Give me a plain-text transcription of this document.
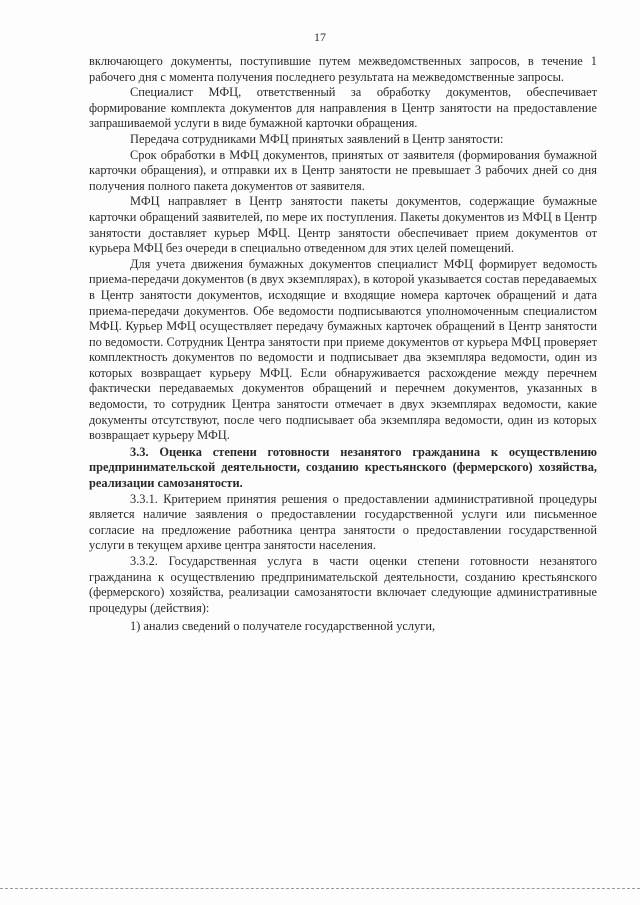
17

включающего документы, поступившие путем межведомственных запросов, в течение 1 рабочего дня с момента получения последнего результата на межведомственные запросы.

Специалист МФЦ, ответственный за обработку документов, обеспечивает формирование комплекта документов для направления в Центр занятости на предоставление запрашиваемой услуги в виде бумажной карточки обращения.

Передача сотрудниками МФЦ принятых заявлений в Центр занятости:

Срок обработки в МФЦ документов, принятых от заявителя (формирования бумажной карточки обращения), и отправки их в Центр занятости не превышает 3 рабочих дней со дня получения полного пакета документов от заявителя.

МФЦ направляет в Центр занятости пакеты документов, содержащие бумажные карточки обращений заявителей, по мере их поступления. Пакеты документов из МФЦ в Центр занятости доставляет курьер МФЦ. Центр занятости обеспечивает прием документов от курьера МФЦ без очереди в специально отведенном для этих целей помещений.

Для учета движения бумажных документов специалист МФЦ формирует ведомость приема-передачи документов (в двух экземплярах), в которой указывается состав передаваемых в Центр занятости документов, исходящие и входящие номера карточек обращений и дата приема-передачи документов. Обе ведомости подписываются уполномоченным специалистом МФЦ. Курьер МФЦ осуществляет передачу бумажных карточек обращений в Центр занятости по ведомости. Сотрудник Центра занятости при приеме документов от курьера МФЦ проверяет комплектность документов по ведомости и подписывает два экземпляра ведомости, один из которых возвращает курьеру МФЦ. Если обнаруживается расхождение между перечнем фактически передаваемых документов обращений и перечнем документов, указанных в ведомости, то сотрудник Центра занятости отмечает в двух экземплярах ведомости, какие документы отсутствуют, после чего подписывает оба экземпляра ведомости, один из которых возвращает курьеру МФЦ.

3.3. Оценка степени готовности незанятого гражданина к осуществлению предпринимательской деятельности, созданию крестьянского (фермерского) хозяйства, реализации самозанятости.

3.3.1. Критерием принятия решения о предоставлении административной процедуры является наличие заявления о предоставлении государственной услуги или письменное согласие на предложение работника центра занятости о предоставлении государственной услуги в текущем архиве центра занятости населения.

3.3.2. Государственная услуга в части оценки степени готовности незанятого гражданина к осуществлению предпринимательской деятельности, созданию крестьянского (фермерского) хозяйства, реализации самозанятости включает следующие административные процедуры (действия):

1) анализ сведений о получателе государственной услуги,
